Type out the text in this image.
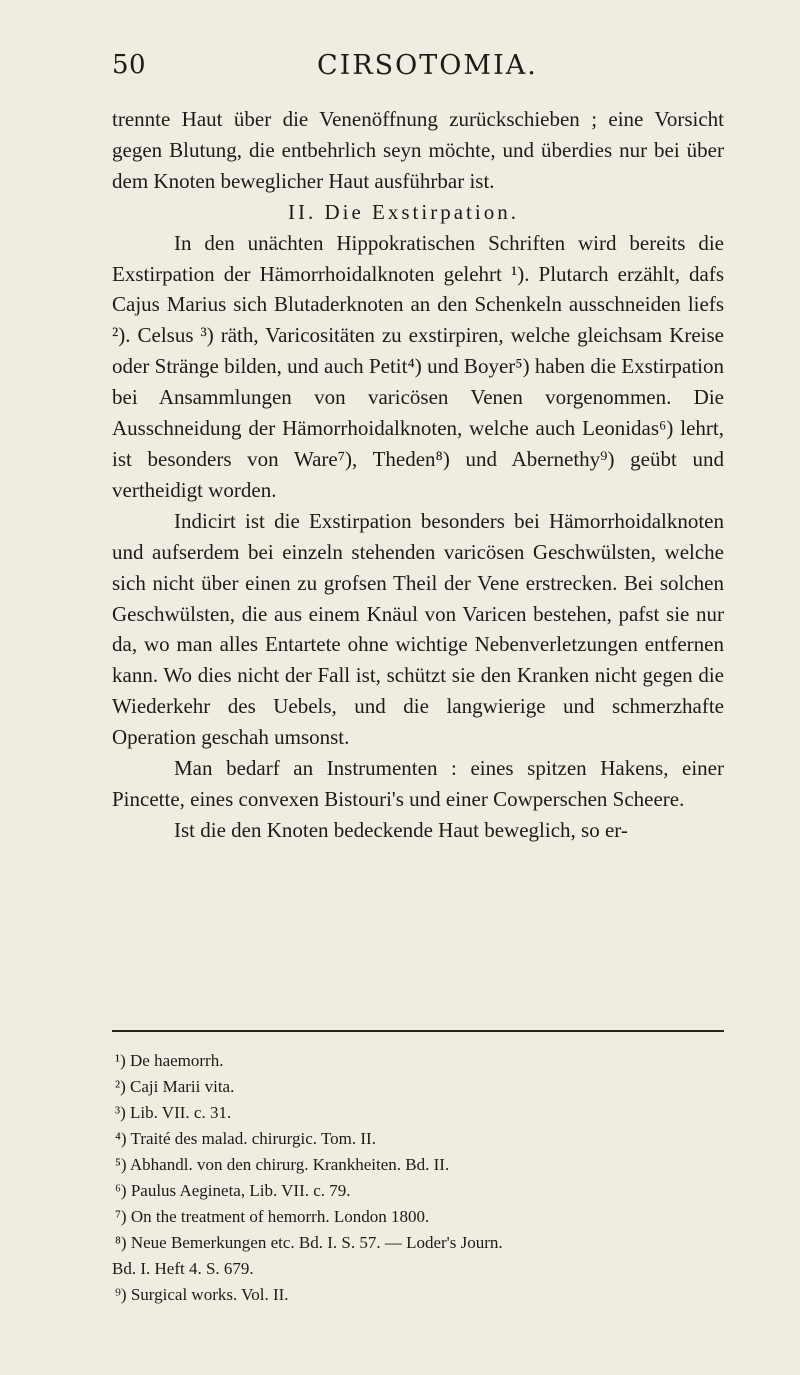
50	CIRSOTOMIA.

trennte Haut über die Venenöffnung zurückschieben ; eine Vorsicht gegen Blutung, die entbehrlich seyn möchte, und überdies nur bei über dem Knoten beweglicher Haut ausführbar ist.

II. Die Exstirpation.

In den unächten Hippokratischen Schriften wird bereits die Exstirpation der Hämorrhoidalknoten gelehrt ¹). Plutarch erzählt, dafs Cajus Marius sich Blutaderknoten an den Schenkeln ausschneiden liefs ²). Celsus ³) räth, Varicositäten zu exstirpiren, welche gleichsam Kreise oder Stränge bilden, und auch Petit⁴) und Boyer⁵) haben die Exstirpation bei Ansammlungen von varicösen Venen vorgenommen. Die Ausschneidung der Hämorrhoidalknoten, welche auch Leonidas⁶) lehrt, ist besonders von Ware⁷), Theden⁸) und Abernethy⁹) geübt und vertheidigt worden.

Indicirt ist die Exstirpation besonders bei Hämorrhoidalknoten und aufserdem bei einzeln stehenden varicösen Geschwülsten, welche sich nicht über einen zu grofsen Theil der Vene erstrecken. Bei solchen Geschwülsten, die aus einem Knäul von Varicen bestehen, pafst sie nur da, wo man alles Entartete ohne wichtige Nebenverletzungen entfernen kann. Wo dies nicht der Fall ist, schützt sie den Kranken nicht gegen die Wiederkehr des Uebels, und die langwierige und schmerzhafte Operation geschah umsonst.

Man bedarf an Instrumenten : eines spitzen Hakens, einer Pincette, eines convexen Bistouri's und einer Cowperschen Scheere.

Ist die den Knoten bedeckende Haut beweglich, so er-

¹) De haemorrh.

²) Caji Marii vita.

³) Lib. VII. c. 31.

⁴) Traité des malad. chirurgic. Tom. II.

⁵) Abhandl. von den chirurg. Krankheiten. Bd. II.

⁶) Paulus Aegineta, Lib. VII. c. 79.

⁷) On the treatment of hemorrh. London 1800.

⁸) Neue Bemerkungen etc. Bd. I. S. 57. — Loder's Journ.

Bd. I. Heft 4. S. 679.

⁹) Surgical works. Vol. II.
